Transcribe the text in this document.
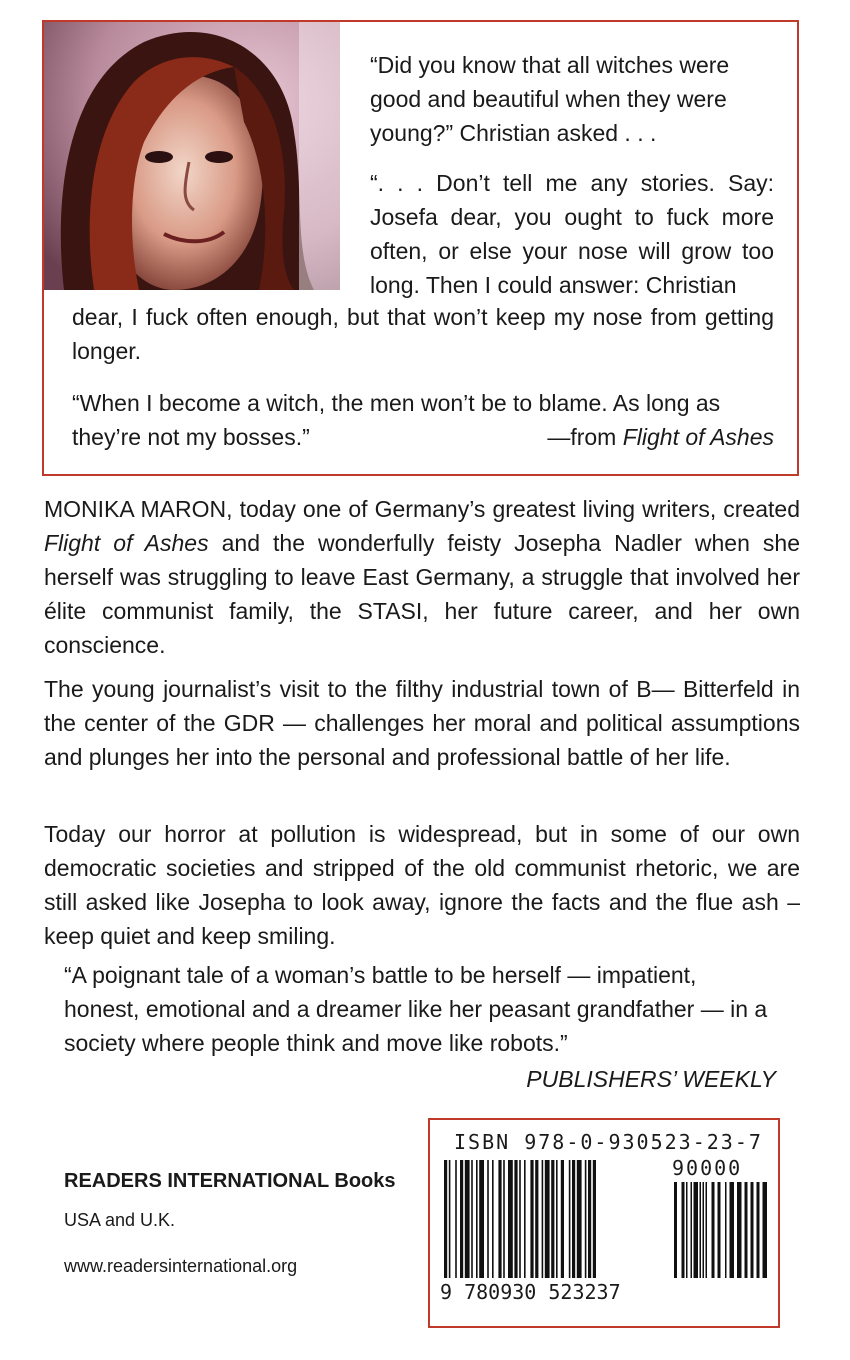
“Did you know that all witches were good and beautiful when they were young?” Christian asked . . .

“. . . Don’t tell me any stories. Say: Josefa dear, you ought to fuck more often, or else your nose will grow too long. Then I could answer: Christian

dear, I fuck often enough, but that won’t keep my nose from getting longer.

“When I become a witch, the men won’t be to blame. As long as they’re not my bosses.”	—from Flight of Ashes

MONIKA MARON, today one of Germany’s greatest living writers, created Flight of Ashes and the wonderfully feisty Josepha Nadler when she herself was struggling to leave East Germany, a struggle that involved her élite communist family, the STASI, her future career, and her own conscience.

The young journalist’s visit to the filthy industrial town of B— Bitterfeld in the center of the GDR — challenges her moral and political assumptions and plunges her into the personal and professional battle of her life.

Today our horror at pollution is widespread, but in some of our own democratic societies and stripped of the old communist rhetoric, we are still asked like Josepha to look away, ignore the facts and the flue ash – keep quiet and keep smiling.

“A poignant tale of a woman’s battle to be herself — impatient, honest, emotional and a dreamer like her peasant grandfather — in a society where people think and move like robots.”

PUBLISHERS’ WEEKLY
READERS INTERNATIONAL Books
USA and U.K.
www.readersinternational.org
ISBN 978-0-930523-23-7
90000
9 780930 523237
